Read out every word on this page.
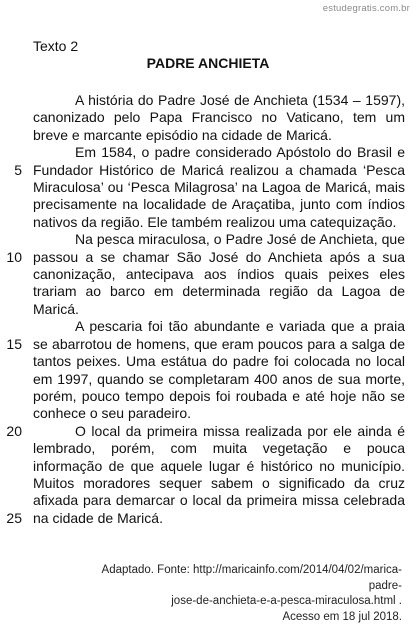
estudegratis.com.br
Texto 2
PADRE ANCHIETA
5
10
15
20
25

A história do Padre José de Anchieta (1534 – 1597), canonizado pelo Papa Francisco no Vaticano, tem um breve e marcante episódio na cidade de Maricá.

Em 1584, o padre considerado Apóstolo do Brasil e Fundador Histórico de Maricá realizou a chamada ‘Pesca Miraculosa’ ou ‘Pesca Milagrosa’ na Lagoa de Maricá, mais precisamente na localidade de Araçatiba, junto com índios nativos da região. Ele também realizou uma catequização.

Na pesca miraculosa, o Padre José de Anchieta, que passou a se chamar São José do Anchieta após a sua canonização, antecipava aos índios quais peixes eles trariam ao barco em determinada região da Lagoa de Maricá.

A pescaria foi tão abundante e variada que a praia se abarrotou de homens, que eram poucos para a salga de tantos peixes. Uma estátua do padre foi colocada no local em 1997, quando se completaram 400 anos de sua morte, porém, pouco tempo depois foi roubada e até hoje não se conhece o seu paradeiro.

O local da primeira missa realizada por ele ainda é lembrado, porém, com muita vegetação e pouca informação de que aquele lugar é histórico no município. Muitos moradores sequer sabem o significado da cruz afixada para demarcar o local da primeira missa celebrada na cidade de Maricá.

Adaptado. Fonte: http://maricainfo.com/2014/04/02/marica-padre-
jose-de-anchieta-e-a-pesca-miraculosa.html .
Acesso em 18 jul 2018.
